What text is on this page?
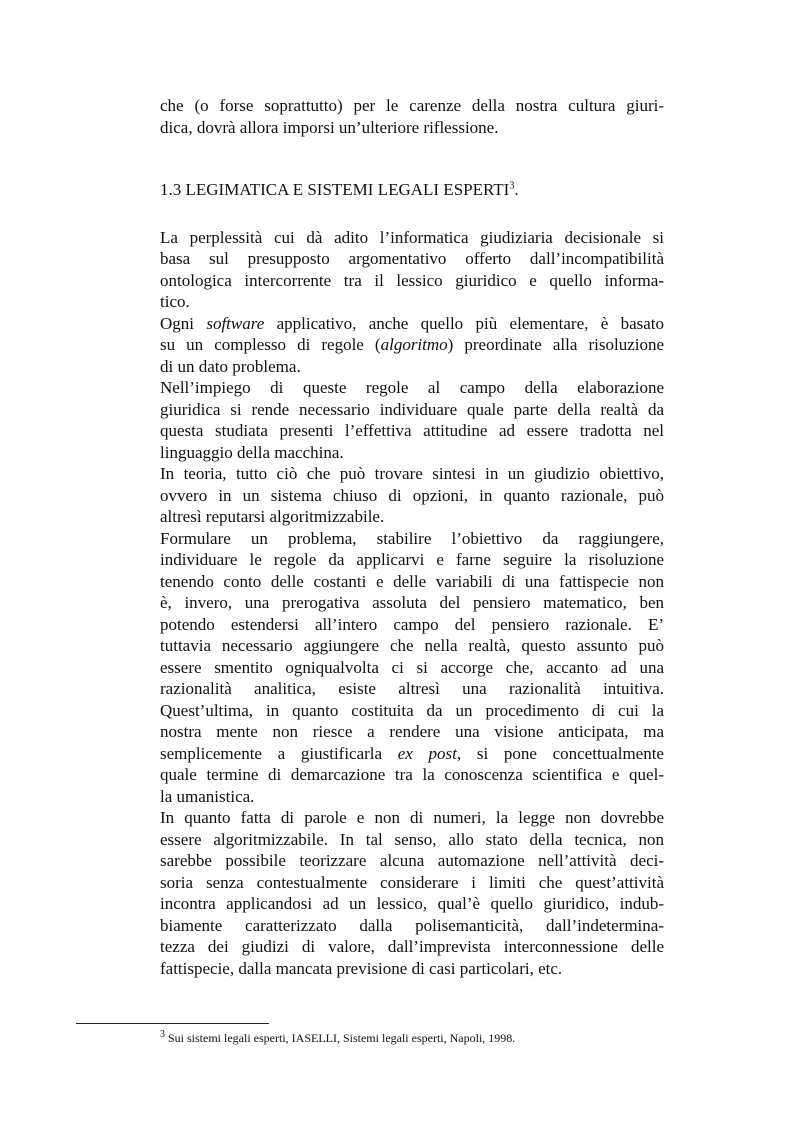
che (o forse soprattutto) per le carenze della nostra cultura giuri-
dica, dovrà allora imporsi un’ulteriore riflessione.
1.3 LEGIMATICA E SISTEMI LEGALI ESPERTI$^3$.
La perplessità cui dà adito l’informatica giudiziaria decisionale si
basa sul presupposto argomentativo offerto dall’incompatibilità
ontologica intercorrente tra il lessico giuridico e quello informa-
tico.
Ogni software applicativo, anche quello più elementare, è basato
su un complesso di regole (algoritmo) preordinate alla risoluzione
di un dato problema.
Nell’impiego di queste regole al campo della elaborazione
giuridica si rende necessario individuare quale parte della realtà da
questa studiata presenti l’effettiva attitudine ad essere tradotta nel
linguaggio della macchina.
In teoria, tutto ciò che può trovare sintesi in un giudizio obiettivo,
ovvero in un sistema chiuso di opzioni, in quanto razionale, può
altresì reputarsi algoritmizzabile.
Formulare un problema, stabilire l’obiettivo da raggiungere,
individuare le regole da applicarvi e farne seguire la risoluzione
tenendo conto delle costanti e delle variabili di una fattispecie non
è, invero, una prerogativa assoluta del pensiero matematico, ben
potendo estendersi all’intero campo del pensiero razionale. E’
tuttavia necessario aggiungere che nella realtà, questo assunto può
essere smentito ogniqualvolta ci si accorge che, accanto ad una
razionalità analitica, esiste altresì una razionalità intuitiva.
Quest’ultima, in quanto costituita da un procedimento di cui la
nostra mente non riesce a rendere una visione anticipata, ma
semplicemente a giustificarla ex post, si pone concettualmente
quale termine di demarcazione tra la conoscenza scientifica e quel-
la umanistica.
In quanto fatta di parole e non di numeri, la legge non dovrebbe
essere algoritmizzabile. In tal senso, allo stato della tecnica, non
sarebbe possibile teorizzare alcuna automazione nell’attività deci-
soria senza contestualmente considerare i limiti che quest’attività
incontra applicandosi ad un lessico, qual’è quello giuridico, indub-
biamente caratterizzato dalla polisemanticità, dall’indetermina-
tezza dei giudizi di valore, dall’imprevista interconnessione delle
fattispecie, dalla mancata previsione di casi particolari, etc.
$^3$ Sui sistemi legali esperti, IASELLI, Sistemi legali esperti, Napoli, 1998.
